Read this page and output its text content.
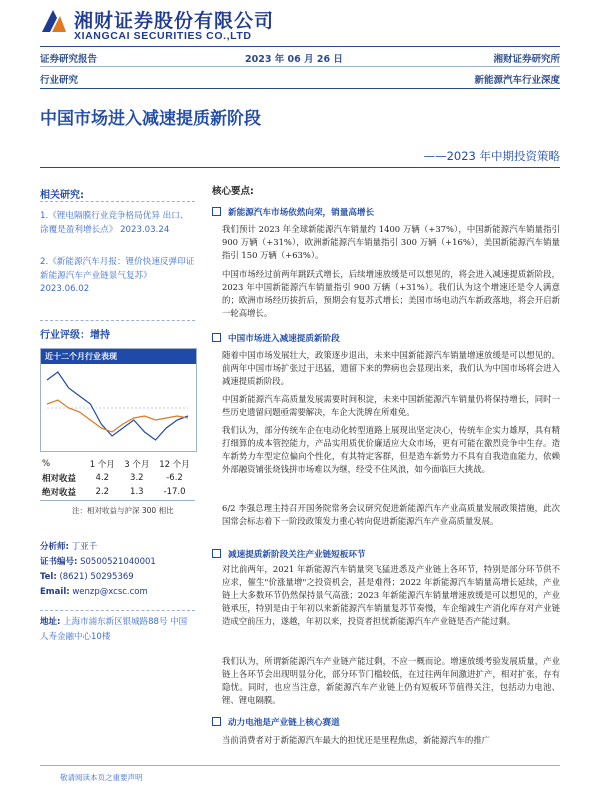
湘财证券股份有限公司
XIANGCAI SECURITIES CO.,LTD
证券研究报告	2023 年 06 月 26 日	湘财证券研究所
行业研究	新能源汽车行业深度
中国市场进入减速提质新阶段
——2023 年中期投资策略
相关研究:
1.《锂电隔膜行业竞争格局优异 出口、涂覆是盈利增长点》 2023.03.24
2.《新能源汽车月报：锂价快速反弹印证新能源汽车产业链景气复苏》2023.06.02
行业评级：增持
近十二个月行业表现
%	1 个月	3 个月	12 个月
相对收益	4.2	3.2	-6.2
绝对收益	2.2	1.3	-17.0
注：相对收益与沪深 300 相比
分析师: 丁亚千
证书编号: S0500521040001
Tel: (8621) 50295369
Email: wenzp@xcsc.com
地址: 上海市浦东新区银城路88号 中国人寿金融中心10楼
核心要点:
新能源汽车市场依然向荣，销量高增长
我们预计 2023 年全球新能源汽车销量约 1400 万辆（+37%），中国新能源汽车销量指引 900 万辆（+31%），欧洲新能源汽车销量指引 300 万辆（+16%），美国新能源汽车销量指引 150 万辆（+63%）。
中国市场经过前两年跳跃式增长，后续增速放缓是可以想见的，将会进入减速提质新阶段，2023 年中国新能源汽车销量指引 900 万辆（+31%）。我们认为这个增速还是令人满意的；欧洲市场经历拔折后，预期会有复苏式增长；美国市场电动汽车新政落地，将会开启新一轮高增长。
中国市场进入减速提质新阶段
随着中国市场发展壮大，政策逐步退出，未来中国新能源汽车销量增速放缓是可以想见的。前两年中国市场扩张过于迅猛，遗留下来的弊病也会显现出来，我们认为中国市场将会进入减速提质新阶段。
中国新能源汽车高质量发展需要时间积淀，未来中国新能源汽车销量仍将保持增长，同时一些历史遗留问题亟需要解决，车企大洗牌在所难免。
我们认为，部分传统车企在电动化转型道路上展现出坚定决心，传统车企实力雄厚，具有精打细算的成本管控能力，产品实用质优价廉适应大众市场，更有可能在激烈竞争中生存。造车新势力车型定位偏向个性化，有其特定客群，但是造车新势力不具有自我造血能力，依赖外部融资铺张烧钱拼市场难以为继，经受不住风浪，如今面临巨大挑战。
6/2 李强总理主持召开国务院常务会议研究促进新能源汽车产业高质量发展政策措施，此次国常会标志着下一阶段政策发力重心转向促进新能源汽车产业高质量发展。
减速提质新阶段关注产业链短板环节
对比前两年，2021 年新能源汽车销量突飞猛进悉及产业链上各环节，特别是部分环节供不应求，催生"价涨量增"之投资机会，甚是难得；2022 年新能源汽车销量高增长延续，产业链上大多数环节仍然保持景气高涨；2023 年新能源汽车销量增速放缓是可以想见的，产业链承压，特别是由于年初以来新能源汽车销量复苏节奏慢，车企缩减生产消化库存对产业链造成空前压力，遂越，年初以来，投资者担忧新能源汽车产业链是否产能过剩。
我们认为，所谓新能源汽车产业链产能过剩，不应一概而论。增速放缓考验发展质量，产业链上各环节会出现明显分化，部分环节门槛较低，在过往两年间激进扩产，相对扩张，存有隐忧。同时，也应当注意，新能源汽车产业链上仍有短板环节值得关注，包括动力电池、锂、锂电隔膜。
动力电池是产业链上核心赛道
当前消费者对于新能源汽车最大的担忧还是里程焦虑，新能源汽车的推广
敬请阅读本页之重要声明
